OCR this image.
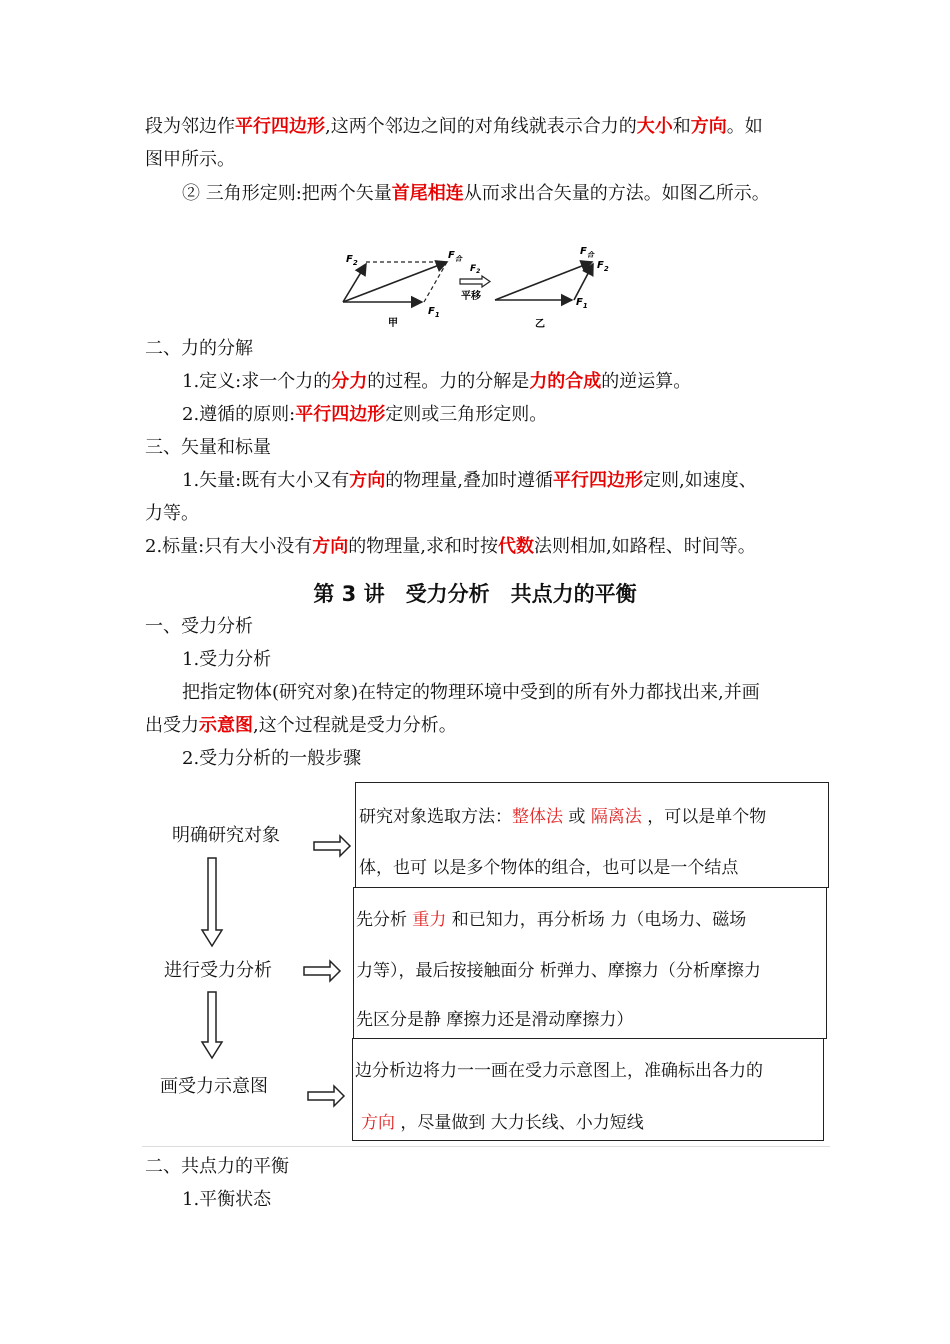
段为邻边作平行四边形,这两个邻边之间的对角线就表示合力的大小和方向。如
图甲所示。
② 三角形定则:把两个矢量首尾相连从而求出合矢量的方法。如图乙所示。
$F_2$
$F_合$
$F_1$
甲
$F_2$
平移
$F_合$
$F_2$
$F_1$
乙
二、力的分解
1.定义:求一个力的分力的过程。力的分解是力的合成的逆运算。
2.遵循的原则:平行四边形定则或三角形定则。
三、矢量和标量
1.矢量:既有大小又有方向的物理量,叠加时遵循平行四边形定则,如速度、
力等。
2.标量:只有大小没有方向的物理量,求和时按代数法则相加,如路程、时间等。
第 3 讲　受力分析　共点力的平衡
一、受力分析
1.受力分析
把指定物体(研究对象)在特定的物理环境中受到的所有外力都找出来,并画
出受力示意图,这个过程就是受力分析。
2.受力分析的一般步骤
明确研究对象
进行受力分析
画受力示意图
研究对象选取方法：整体法 或 隔离法 ，可以是单个物
体，也可 以是多个物体的组合，也可以是一个结点
先分析 重力 和已知力，再分析场 力（电场力、磁场
力等），最后按接触面分 析弹力、摩擦力（分析摩擦力
先区分是静 摩擦力还是滑动摩擦力）
边分析边将力一一画在受力示意图上，准确标出各力的
方向 ，尽量做到 大力长线、小力短线
二、共点力的平衡
1.平衡状态
